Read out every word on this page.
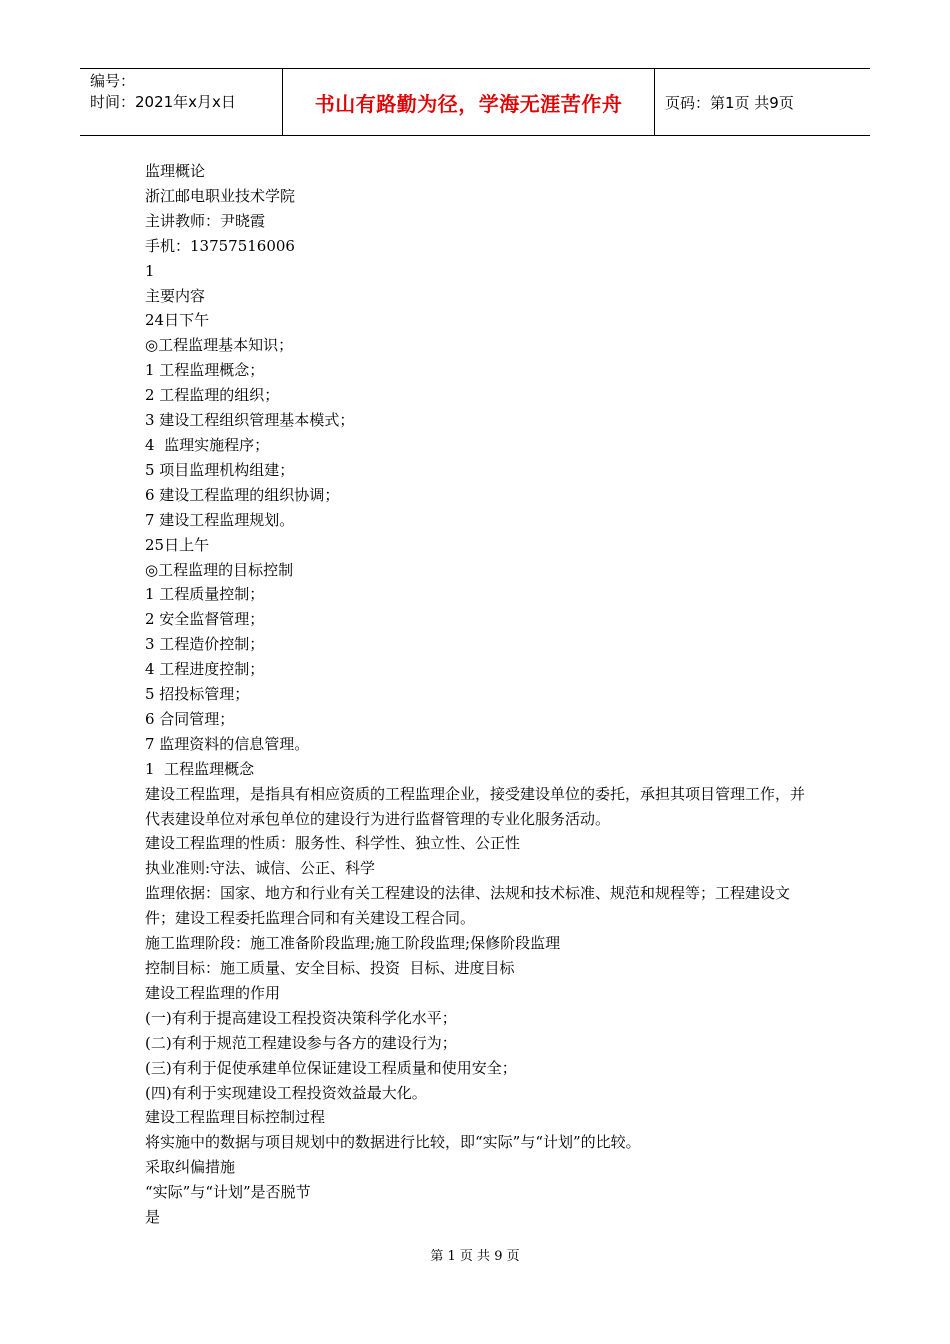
编号：
时间：2021年x月x日	书山有路勤为径，学海无涯苦作舟	页码：第1页 共9页

监理概论

浙江邮电职业技术学院

主讲教师：尹晓霞

手机：13757516006

1

主要内容

24日下午

◎工程监理基本知识；

1 工程监理概念；

2 工程监理的组织；

3 建设工程组织管理基本模式；

4  监理实施程序；

5 项目监理机构组建；

6 建设工程监理的组织协调；

7 建设工程监理规划。

25日上午

◎工程监理的目标控制

1 工程质量控制；

2 安全监督管理；

3 工程造价控制；

4 工程进度控制；

5 招投标管理；

6 合同管理；

7 监理资料的信息管理。

1  工程监理概念

建设工程监理，是指具有相应资质的工程监理企业，接受建设单位的委托，承担其项目管理工作，并代表建设单位对承包单位的建设行为进行监督管理的专业化服务活动。

建设工程监理的性质：服务性、科学性、独立性、公正性

执业准则:守法、诚信、公正、科学

监理依据：国家、地方和行业有关工程建设的法律、法规和技术标准、规范和规程等；工程建设文件；建设工程委托监理合同和有关建设工程合同。

施工监理阶段：施工准备阶段监理;施工阶段监理;保修阶段监理

控制目标：施工质量、安全目标、投资  目标、进度目标

建设工程监理的作用

(一)有利于提高建设工程投资决策科学化水平；

(二)有利于规范工程建设参与各方的建设行为；

(三)有利于促使承建单位保证建设工程质量和使用安全；

(四)有利于实现建设工程投资效益最大化。

建设工程监理目标控制过程

将实施中的数据与项目规划中的数据进行比较，即“实际”与“计划”的比较。

采取纠偏措施

“实际”与“计划”是否脱节

是

第 1 页 共 9 页
